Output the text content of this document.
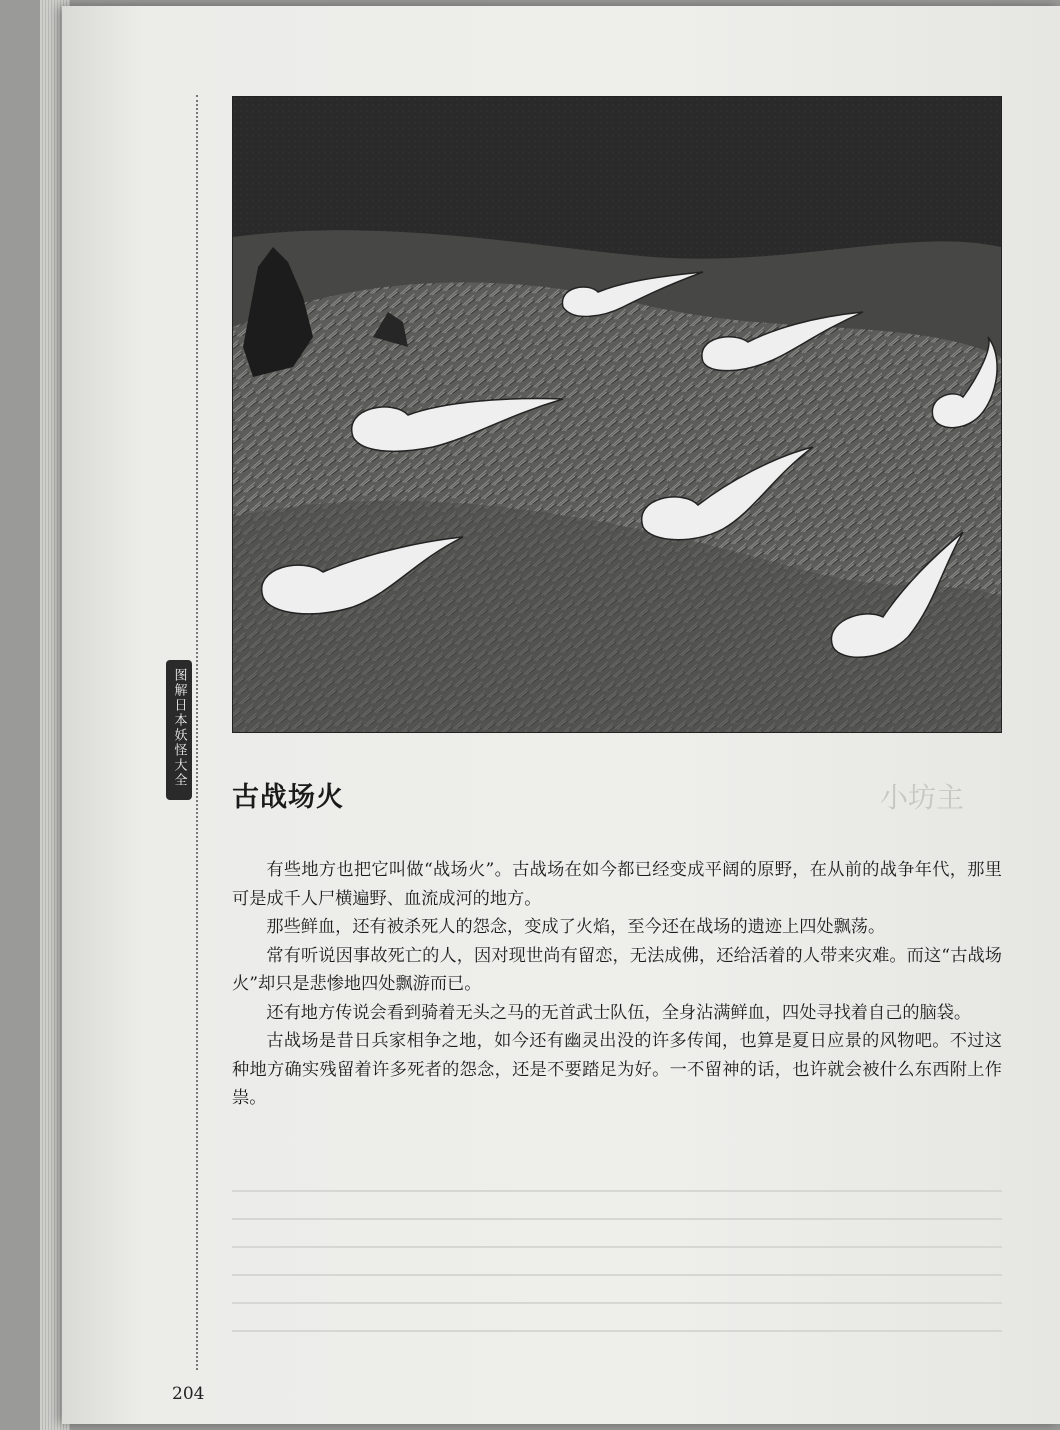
图解日本妖怪大全
古战场火	小坊主

有些地方也把它叫做“战场火”。古战场在如今都已经变成平阔的原野，在从前的战争年代，那里可是成千人尸横遍野、血流成河的地方。

那些鲜血，还有被杀死人的怨念，变成了火焰，至今还在战场的遗迹上四处飘荡。

常有听说因事故死亡的人，因对现世尚有留恋，无法成佛，还给活着的人带来灾难。而这“古战场火”却只是悲惨地四处飘游而已。

还有地方传说会看到骑着无头之马的无首武士队伍，全身沾满鲜血，四处寻找着自己的脑袋。

古战场是昔日兵家相争之地，如今还有幽灵出没的许多传闻，也算是夏日应景的风物吧。不过这种地方确实残留着许多死者的怨念，还是不要踏足为好。一不留神的话，也许就会被什么东西附上作祟。

204
